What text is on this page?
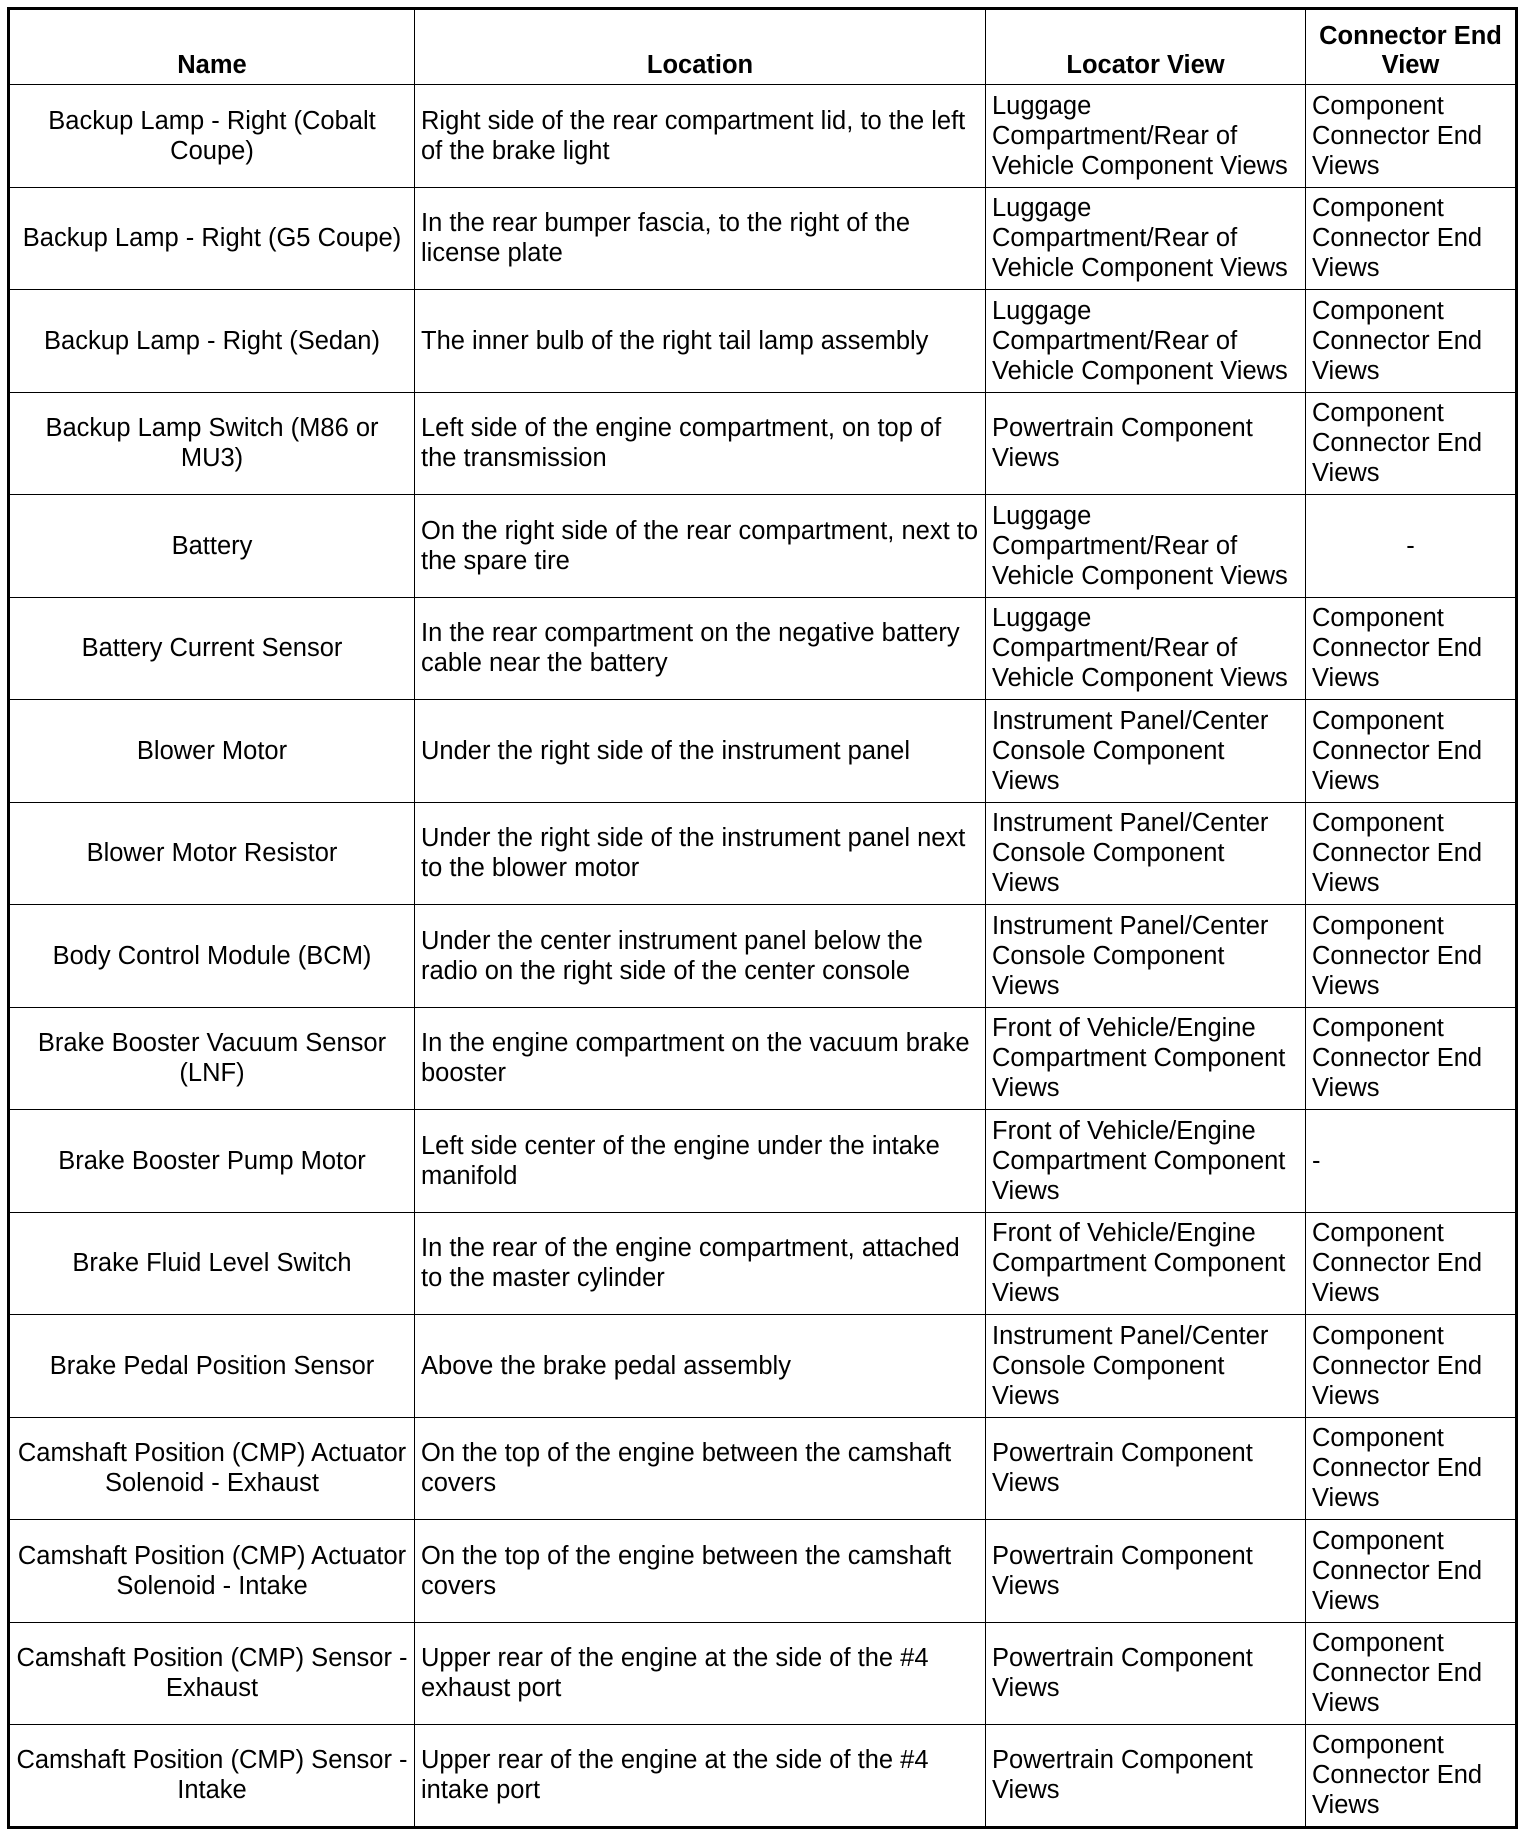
Name	Location	Locator View	Connector End View
Backup Lamp - Right (Cobalt Coupe)	Right side of the rear compartment lid, to the left of the brake light	Luggage Compartment/Rear of Vehicle Component Views	Component Connector End Views
Backup Lamp - Right (G5 Coupe)	In the rear bumper fascia, to the right of the license plate	Luggage Compartment/Rear of Vehicle Component Views	Component Connector End Views
Backup Lamp - Right (Sedan)	The inner bulb of the right tail lamp assembly	Luggage Compartment/Rear of Vehicle Component Views	Component Connector End Views
Backup Lamp Switch (M86 or MU3)	Left side of the engine compartment, on top of the transmission	Powertrain Component Views	Component Connector End Views
Battery	On the right side of the rear compartment, next to the spare tire	Luggage Compartment/Rear of Vehicle Component Views	-
Battery Current Sensor	In the rear compartment on the negative battery cable near the battery	Luggage Compartment/Rear of Vehicle Component Views	Component Connector End Views
Blower Motor	Under the right side of the instrument panel	Instrument Panel/Center Console Component Views	Component Connector End Views
Blower Motor Resistor	Under the right side of the instrument panel next to the blower motor	Instrument Panel/Center Console Component Views	Component Connector End Views
Body Control Module (BCM)	Under the center instrument panel below the radio on the right side of the center console	Instrument Panel/Center Console Component Views	Component Connector End Views
Brake Booster Vacuum Sensor (LNF)	In the engine compartment on the vacuum brake booster	Front of Vehicle/Engine Compartment Component Views	Component Connector End Views
Brake Booster Pump Motor	Left side center of the engine under the intake manifold	Front of Vehicle/Engine Compartment Component Views	-
Brake Fluid Level Switch	In the rear of the engine compartment, attached to the master cylinder	Front of Vehicle/Engine Compartment Component Views	Component Connector End Views
Brake Pedal Position Sensor	Above the brake pedal assembly	Instrument Panel/Center Console Component Views	Component Connector End Views
Camshaft Position (CMP) Actuator Solenoid - Exhaust	On the top of the engine between the camshaft covers	Powertrain Component Views	Component Connector End Views
Camshaft Position (CMP) Actuator Solenoid - Intake	On the top of the engine between the camshaft covers	Powertrain Component Views	Component Connector End Views
Camshaft Position (CMP) Sensor - Exhaust	Upper rear of the engine at the side of the #4 exhaust port	Powertrain Component Views	Component Connector End Views
Camshaft Position (CMP) Sensor - Intake	Upper rear of the engine at the side of the #4 intake port	Powertrain Component Views	Component Connector End Views
